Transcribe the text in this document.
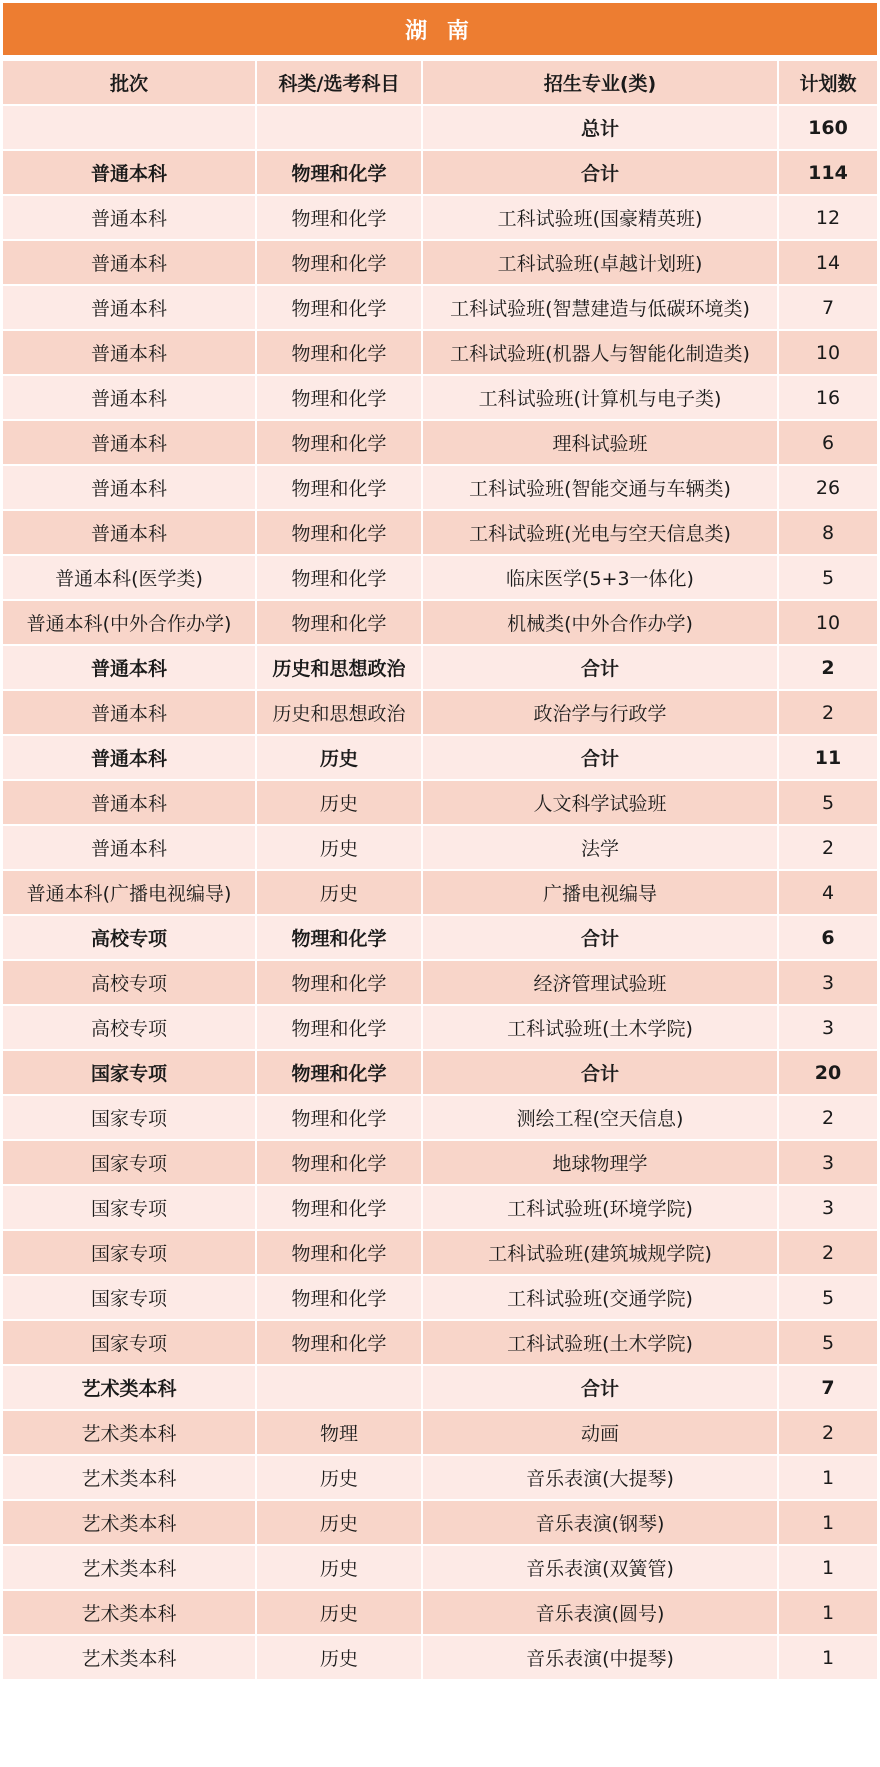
湖 南
批次	科类/选考科目	招生专业(类)	计划数
		总计	160
普通本科	物理和化学	合计	114
普通本科	物理和化学	工科试验班(国豪精英班)	12
普通本科	物理和化学	工科试验班(卓越计划班)	14
普通本科	物理和化学	工科试验班(智慧建造与低碳环境类)	7
普通本科	物理和化学	工科试验班(机器人与智能化制造类)	10
普通本科	物理和化学	工科试验班(计算机与电子类)	16
普通本科	物理和化学	理科试验班	6
普通本科	物理和化学	工科试验班(智能交通与车辆类)	26
普通本科	物理和化学	工科试验班(光电与空天信息类)	8
普通本科(医学类)	物理和化学	临床医学(5+3一体化)	5
普通本科(中外合作办学)	物理和化学	机械类(中外合作办学)	10
普通本科	历史和思想政治	合计	2
普通本科	历史和思想政治	政治学与行政学	2
普通本科	历史	合计	11
普通本科	历史	人文科学试验班	5
普通本科	历史	法学	2
普通本科(广播电视编导)	历史	广播电视编导	4
高校专项	物理和化学	合计	6
高校专项	物理和化学	经济管理试验班	3
高校专项	物理和化学	工科试验班(土木学院)	3
国家专项	物理和化学	合计	20
国家专项	物理和化学	测绘工程(空天信息)	2
国家专项	物理和化学	地球物理学	3
国家专项	物理和化学	工科试验班(环境学院)	3
国家专项	物理和化学	工科试验班(建筑城规学院)	2
国家专项	物理和化学	工科试验班(交通学院)	5
国家专项	物理和化学	工科试验班(土木学院)	5
艺术类本科		合计	7
艺术类本科	物理	动画	2
艺术类本科	历史	音乐表演(大提琴)	1
艺术类本科	历史	音乐表演(钢琴)	1
艺术类本科	历史	音乐表演(双簧管)	1
艺术类本科	历史	音乐表演(圆号)	1
艺术类本科	历史	音乐表演(中提琴)	1
